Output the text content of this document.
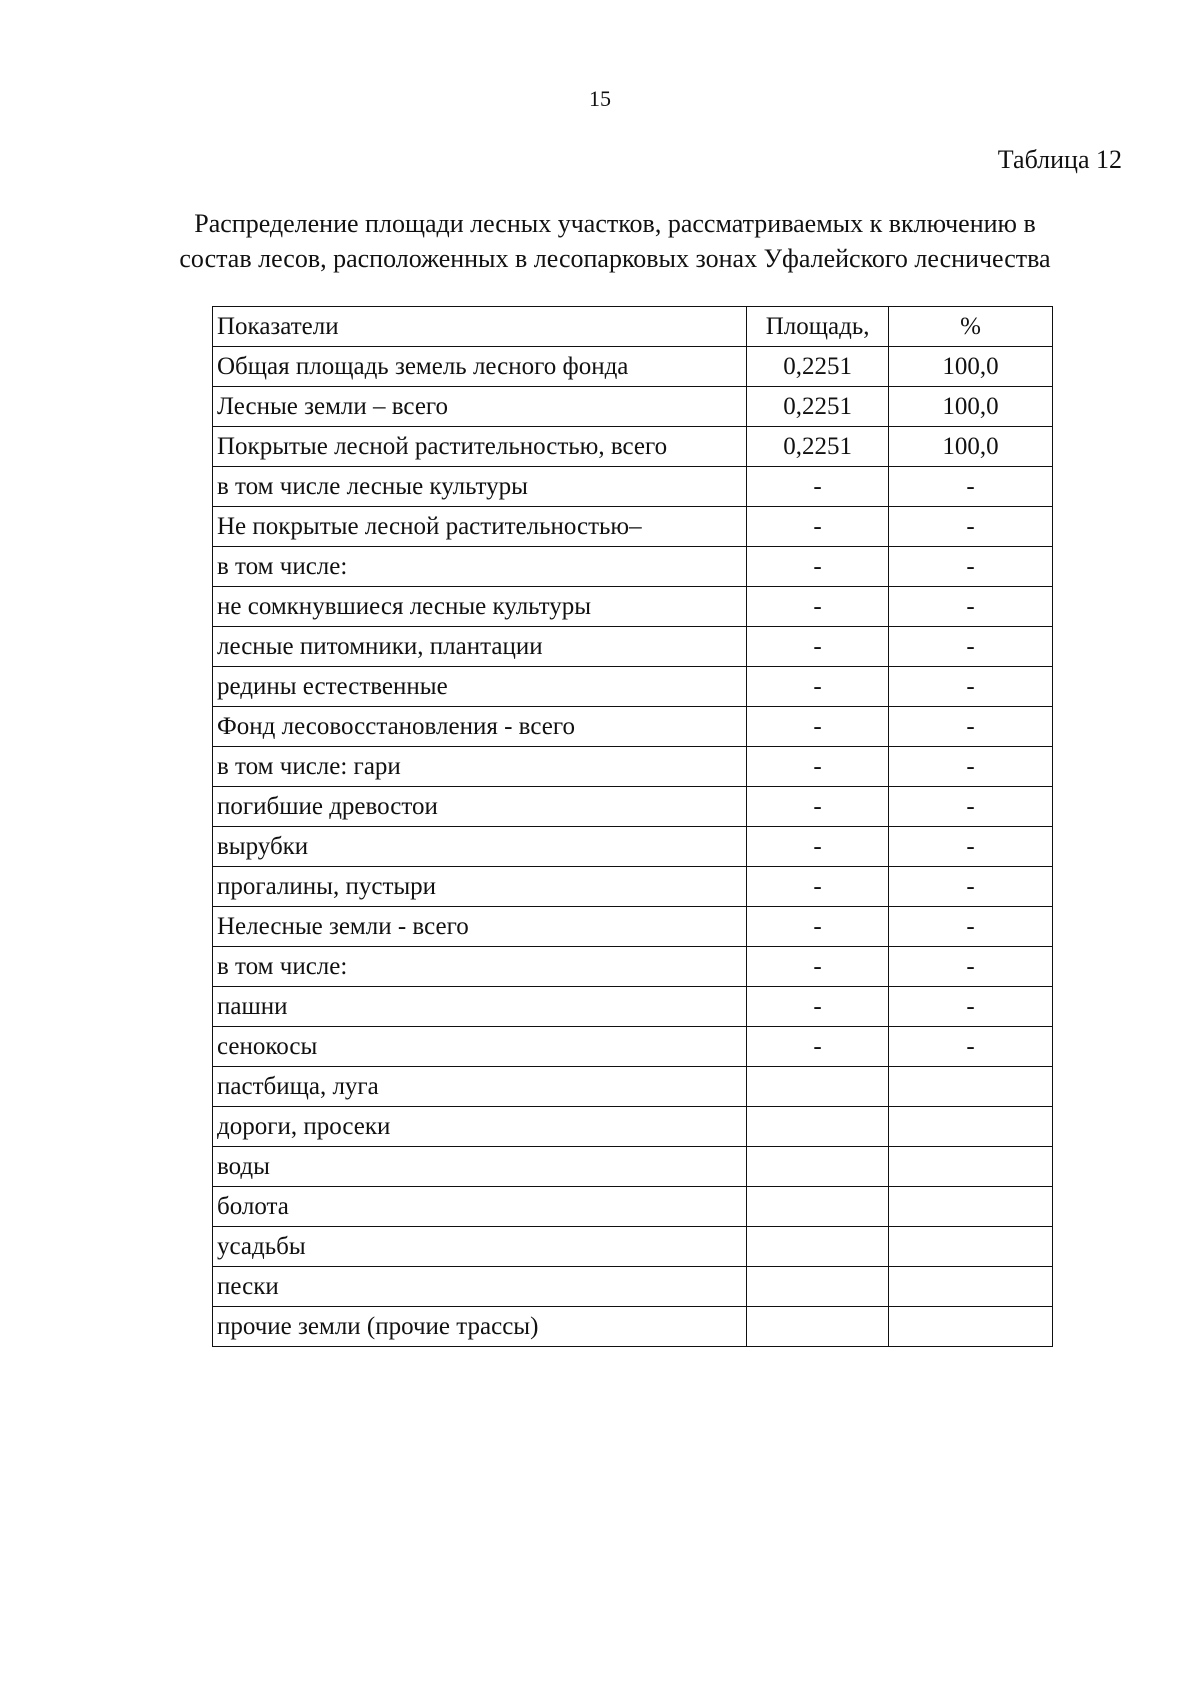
15
Таблица 12
Распределение площади лесных участков, рассматриваемых к включению в
состав лесов, расположенных в лесопарковых зонах Уфалейского лесничества
Показатели	Площадь,	%
Общая площадь земель лесного фонда	0,2251	100,0
Лесные земли – всего	0,2251	100,0
Покрытые лесной растительностью, всего	0,2251	100,0
в том числе лесные культуры	-	-
Не покрытые лесной растительностью–	-	-
в том числе:	-	-
не сомкнувшиеся лесные культуры	-	-
лесные питомники, плантации	-	-
редины естественные	-	-
Фонд лесовосстановления - всего	-	-
в том числе: гари	-	-
погибшие древостои	-	-
вырубки	-	-
прогалины, пустыри	-	-
Нелесные земли - всего	-	-
в том числе:	-	-
пашни	-	-
сенокосы	-	-
пастбища, луга		
дороги, просеки		
воды		
болота		
усадьбы		
пески		
прочие земли (прочие трассы)		
